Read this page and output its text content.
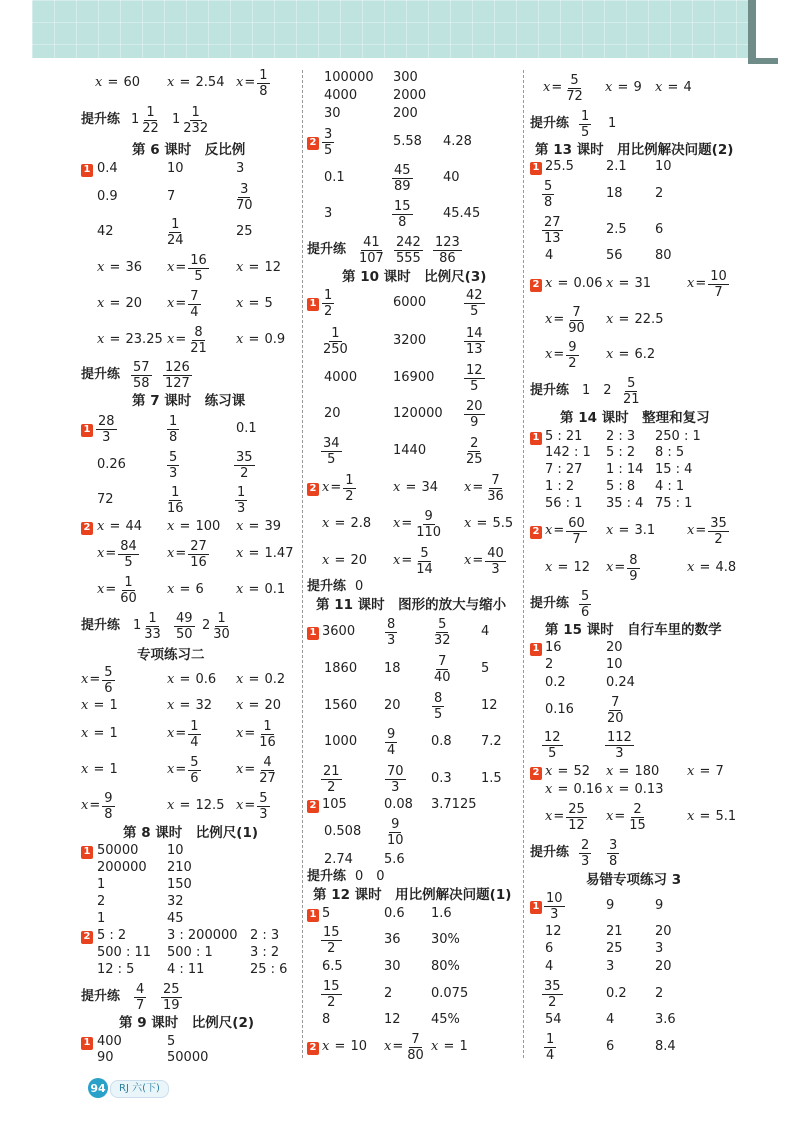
x = 60 x = 2.54 $x = \frac{1}{8}$
提升练 $1 \frac{1}{22} 1 \frac{1}{232}$
第 6 课时　反比例
1 0.4	10	3
0.9	7	$\frac{3}{70}$
42	$\frac{1}{24}$	25
x = 36 $x = \frac{16}{5}$ x = 12
x = 20 $x = \frac{7}{4}$	x = 5
x = 23.25 $x = \frac{8}{21}$ x = 0.9
提升练 $\frac{57}{58} \frac{126}{127}$
第 7 课时　练习课
$1 \frac{28}{3}$	$\frac{1}{8}$	0.1
0.26	$\frac{5}{3}$	$\frac{35}{2}$
72	$\frac{1}{16}$	$\frac{1}{3}$
2 x = 44 x = 100 x = 39
$x = \frac{84}{5}$ $x = \frac{27}{16}$ x = 1.47
$x = \frac{1}{60}$ x = 6 x = 0.1
提升练 $1 \frac{1}{33} \frac{49}{50} 2 \frac{1}{30}$
专项练习二
$x = \frac{5}{6}$	x = 0.6 x = 0.2
x = 1	x = 32 x = 20
x = 1	$x = \frac{1}{4}$	$x = \frac{1}{16}$
x = 1	$x = \frac{5}{6}$	$x = \frac{4}{27}$
$x = \frac{9}{8}$	x = 12.5 $x = \frac{5}{3}$
第 8 课时　比例尺(1)
1 50000 10
200000 210
1	150
2	32
1	45
2 5 : 2	3 : 200000 2 : 3
500 : 11 500 : 1	3 : 2
12 : 5	4 : 11	25 : 6
提升练 $\frac{4}{7} \frac{25}{19}$
第 9 课时　比例尺(2)
1 400	5
90	50000
100000 300
4000	2000
30	200
$2 \frac{3}{5}$	5.58 4.28
0.1	$\frac{45}{89} 40$
3	$\frac{15}{8} 45.45$
提升练 $\frac{41}{107} \frac{242}{555} \frac{123}{86}$
第 10 课时　比例尺(3)
$1 \frac{1}{2}$	6000	$\frac{42}{5}$
$\frac{1}{250}$	3200	$\frac{14}{13}$
4000	$16900 \frac{12}{5}$
20	$120000 \frac{20}{9}$
$\frac{34}{5}$	1440	$\frac{2}{25}$
2 $x = \frac{1}{2}$	x = 34 $x = \frac{7}{36}$
x = 2.8 $x = \frac{9}{110}$ x = 5.5
x = 20 $x = \frac{5}{14}$ $x = \frac{40}{3}$
提升练 0
第 11 课时　图形的放大与缩小
1 $3600 \frac{8}{3}$	$\frac{5}{32} 4$
1860 $18 \frac{7}{40} 5$
1560 $20 \frac{8}{5}$	12
$1000 \frac{9}{4}$	0.8 7.2
$\frac{21}{2}$	$\frac{70}{3} 0.3$ 1.5
2 105	0.08 3.7125
$0.508 \frac{9}{10}$
2.74 5.6
提升练 0　0
第 12 课时　用比例解决问题(1)
1 5	0.6 1.6
$\frac{15}{2}$	36 30%
6.5	30 80%
$\frac{15}{2}$	2	0.075
8	12 45%
2 x = 10 $x = \frac{7}{80}$ x = 1
$x = \frac{5}{72}$ x = 9 x = 4
提升练 $\frac{1}{5} 1$
第 13 课时　用比例解决问题(2)
1 25.5 2.1 10
$\frac{5}{8}$	18 2
$\frac{27}{13}$	2.5 6
4	56 80
2 x = 0.06 x = 31	$x = \frac{10}{7}$
$x = \frac{7}{90}$ x = 22.5
$x = \frac{9}{2}$ x = 6.2
提升练 1　$2 \frac{5}{21}$
第 14 课时　整理和复习
1 5 : 21 2 : 3 250 : 1
142 : 1 5 : 2 8 : 5
7 : 27 1 : 14 15 : 4
1 : 2 5 : 8 4 : 1
56 : 1 35 : 4 75 : 1
2 $x = \frac{60}{7}$ x = 3.1 $x = \frac{35}{2}$
x = 12 $x = \frac{8}{9}$	x = 4.8
提升练 $\frac{5}{6}$
第 15 课时　自行车里的数学
1 16	20
2	10
0.2	0.24
$0.16 \frac{7}{20}$
$\frac{12}{5}$	$\frac{112}{3}$
2 x = 52 x = 180 x = 7
x = 0.16 x = 0.13
$x = \frac{25}{12}$ $x = \frac{2}{15}$	x = 5.1
提升练 $\frac{2}{3} \frac{3}{8}$
易错专项练习 3
$1 \frac{10}{3}$	9	9
12	21 20
6	25 3
4	3	20
$\frac{35}{2}$	0.2 2
54	4	3.6
$\frac{1}{4}$	6	8.4
94	RJ 六(下)
